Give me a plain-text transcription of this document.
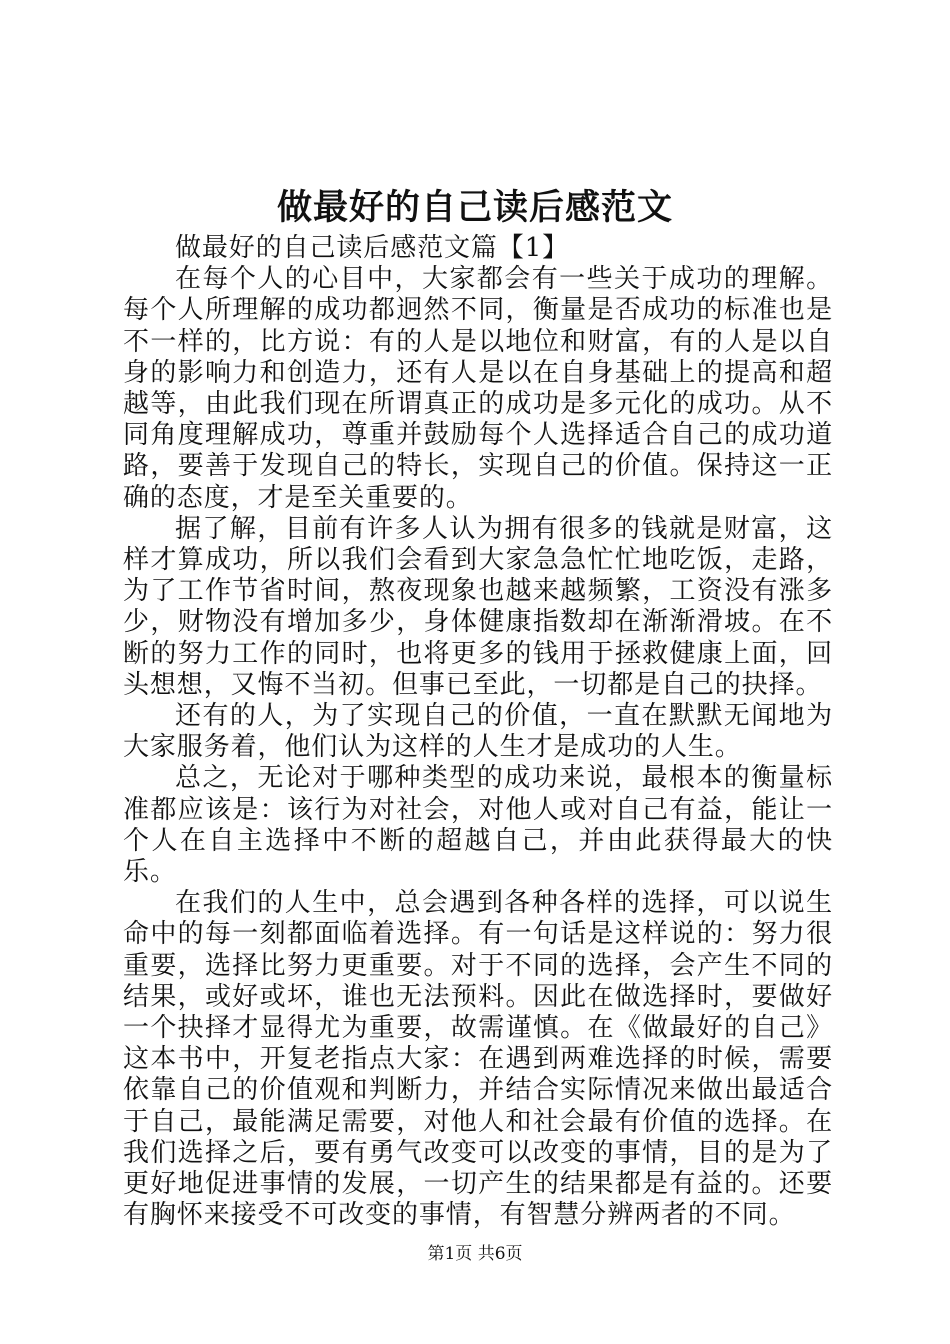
做最好的自己读后感范文

做最好的自己读后感范文篇【1】

在每个人的心目中，大家都会有一些关于成功的理解。每个人所理解的成功都迥然不同，衡量是否成功的标准也是不一样的，比方说：有的人是以地位和财富，有的人是以自身的影响力和创造力，还有人是以在自身基础上的提高和超越等，由此我们现在所谓真正的成功是多元化的成功。从不同角度理解成功，尊重并鼓励每个人选择适合自己的成功道路，要善于发现自己的特长，实现自己的价值。保持这一正确的态度，才是至关重要的。

据了解，目前有许多人认为拥有很多的钱就是财富，这样才算成功，所以我们会看到大家急急忙忙地吃饭，走路，为了工作节省时间，熬夜现象也越来越频繁，工资没有涨多少，财物没有增加多少，身体健康指数却在渐渐滑坡。在不断的努力工作的同时，也将更多的钱用于拯救健康上面，回头想想，又悔不当初。但事已至此，一切都是自己的抉择。

还有的人，为了实现自己的价值，一直在默默无闻地为大家服务着，他们认为这样的人生才是成功的人生。

总之，无论对于哪种类型的成功来说，最根本的衡量标准都应该是：该行为对社会，对他人或对自己有益，能让一个人在自主选择中不断的超越自己，并由此获得最大的快乐。

在我们的人生中，总会遇到各种各样的选择，可以说生命中的每一刻都面临着选择。有一句话是这样说的：努力很重要，选择比努力更重要。对于不同的选择，会产生不同的结果，或好或坏，谁也无法预料。因此在做选择时，要做好一个抉择才显得尤为重要，故需谨慎。在《做最好的自己》这本书中，开复老指点大家：在遇到两难选择的时候，需要依靠自己的价值观和判断力，并结合实际情况来做出最适合于自己，最能满足需要，对他人和社会最有价值的选择。在我们选择之后，要有勇气改变可以改变的事情，目的是为了更好地促进事情的发展，一切产生的结果都是有益的。还要有胸怀来接受不可改变的事情，有智慧分辨两者的不同。

第1页 共6页
